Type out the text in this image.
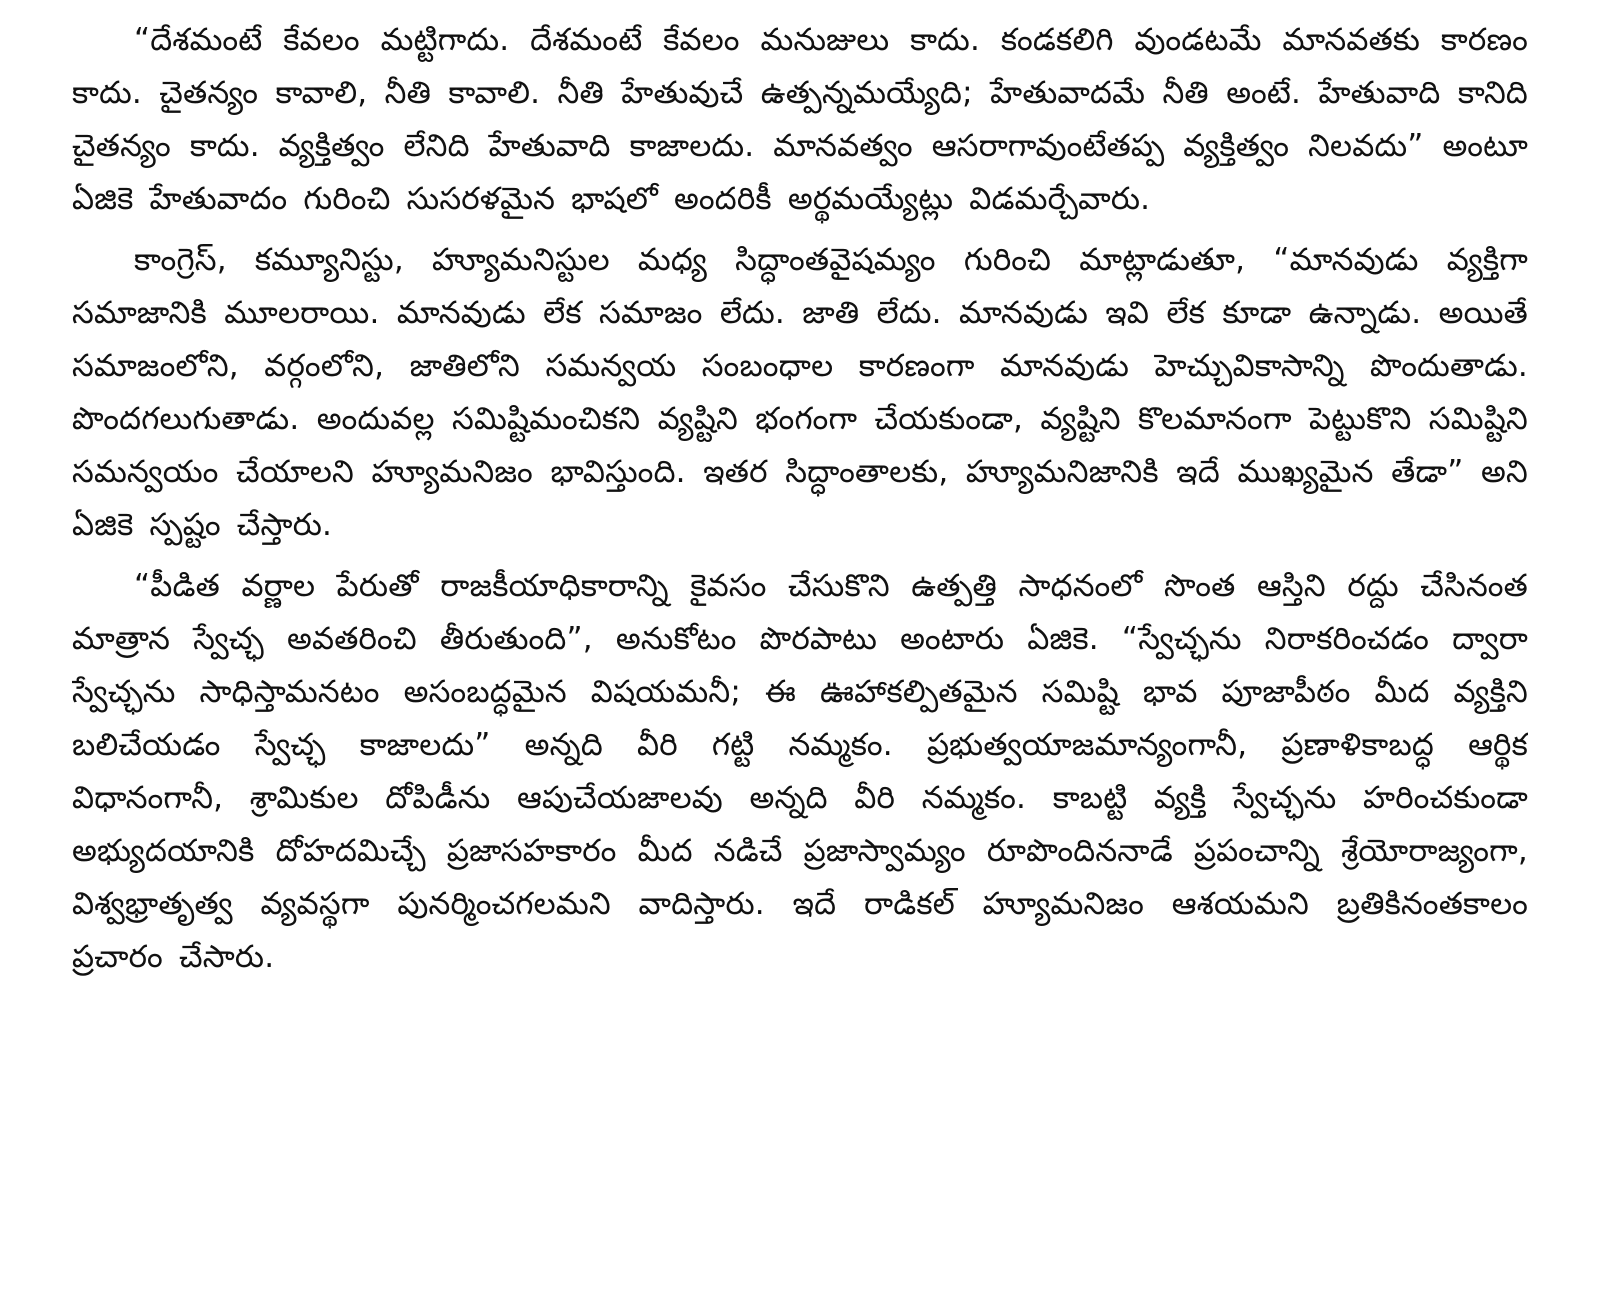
“దేశమంటే కేవలం మట్టిగాదు. దేశమంటే కేవలం మనుజులు కాదు. కండకలిగి వుండటమే మానవతకు కారణం కాదు. చైతన్యం కావాలి, నీతి కావాలి. నీతి హేతువుచే ఉత్పన్నమయ్యేది; హేతువాదమే నీతి అంటే. హేతువాది కానిది చైతన్యం కాదు. వ్యక్తిత్వం లేనిది హేతువాది కాజాలదు. మానవత్వం ఆసరాగావుంటేతప్ప వ్యక్తిత్వం నిలవదు” అంటూ ఏజికె హేతువాదం గురించి సుసరళమైన భాషలో అందరికీ అర్థమయ్యేట్లు విడమర్చేవారు.

కాంగ్రెస్, కమ్యూనిస్టు, హ్యూమనిస్టుల మధ్య సిద్ధాంతవైషమ్యం గురించి మాట్లాడుతూ, “మానవుడు వ్యక్తిగా సమాజానికి మూలరాయి. మానవుడు లేక సమాజం లేదు. జాతి లేదు. మానవుడు ఇవి లేక కూడా ఉన్నాడు. అయితే సమాజంలోని, వర్గంలోని, జాతిలోని సమన్వయ సంబంధాల కారణంగా మానవుడు హెచ్చువికాసాన్ని పొందుతాడు. పొందగలుగుతాడు. అందువల్ల సమిష్టిమంచికని వ్యష్టిని భంగంగా చేయకుండా, వ్యష్టిని కొలమానంగా పెట్టుకొని సమిష్టిని సమన్వయం చేయాలని హ్యూమనిజం భావిస్తుంది. ఇతర సిద్ధాంతాలకు, హ్యూమనిజానికి ఇదే ముఖ్యమైన తేడా” అని ఏజికె స్పష్టం చేస్తారు.

“పీడిత వర్ణాల పేరుతో రాజకీయాధికారాన్ని కైవసం చేసుకొని ఉత్పత్తి సాధనంలో సొంత ఆస్తిని రద్దు చేసినంత మాత్రాన స్వేచ్ఛ అవతరించి తీరుతుంది”, అనుకోటం పొరపాటు అంటారు ఏజికె. “స్వేచ్ఛను నిరాకరించడం ద్వారా స్వేచ్ఛను సాధిస్తామనటం అసంబద్ధమైన విషయమనీ; ఈ ఊహాకల్పితమైన సమిష్టి భావ పూజాపీఠం మీద వ్యక్తిని బలిచేయడం స్వేచ్ఛ కాజాలదు” అన్నది వీరి గట్టి నమ్మకం. ప్రభుత్వయాజమాన్యంగానీ, ప్రణాళికాబద్ధ ఆర్థిక విధానంగానీ, శ్రామికుల దోపిడీను ఆపుచేయజాలవు అన్నది వీరి నమ్మకం. కాబట్టి వ్యక్తి స్వేచ్ఛను హరించకుండా అభ్యుదయానికి దోహదమిచ్చే ప్రజాసహకారం మీద నడిచే ప్రజాస్వామ్యం రూపొందిననాడే ప్రపంచాన్ని శ్రేయోరాజ్యంగా, విశ్వభ్రాతృత్వ వ్యవస్థగా పునర్మించగలమని వాదిస్తారు. ఇదే రాడికల్ హ్యూమనిజం ఆశయమని బ్రతికినంతకాలం ప్రచారం చేసారు.
